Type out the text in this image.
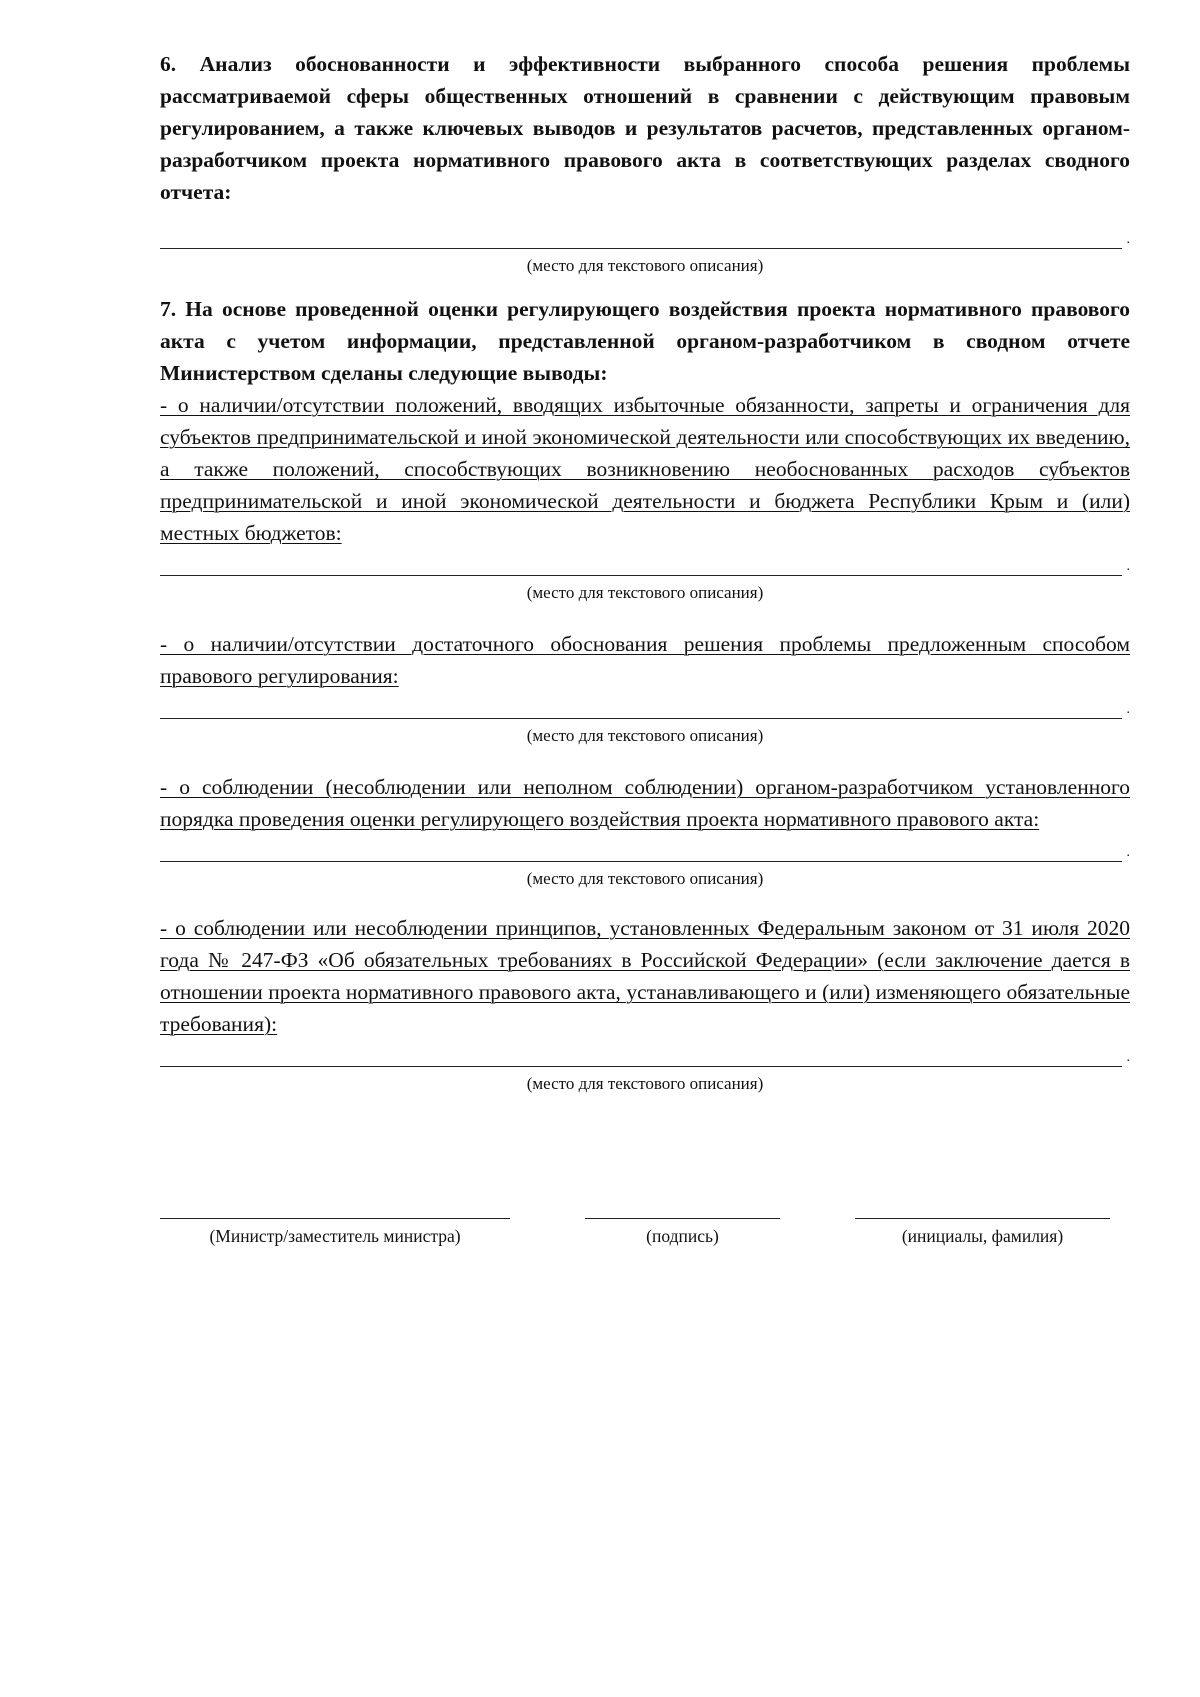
6. Анализ обоснованности и эффективности выбранного способа решения проблемы рассматриваемой сферы общественных отношений в сравнении с действующим правовым регулированием, а также ключевых выводов и результатов расчетов, представленных органом-разработчиком проекта нормативного правового акта в соответствующих разделах сводного отчета:

.
(место для текстового описания)

7. На основе проведенной оценки регулирующего воздействия проекта нормативного правового акта с учетом информации, представленной органом-разработчиком в сводном отчете Министерством сделаны следующие выводы:

- о наличии/отсутствии положений, вводящих избыточные обязанности, запреты и ограничения для субъектов предпринимательской и иной экономической деятельности или способствующих их введению, а также положений, способствующих возникновению необоснованных расходов субъектов предпринимательской и иной экономической деятельности и бюджета Республики Крым и (или) местных бюджетов:

.
(место для текстового описания)

- о наличии/отсутствии достаточного обоснования решения проблемы предложенным способом правового регулирования:

.
(место для текстового описания)

- о соблюдении (несоблюдении или неполном соблюдении) органом-разработчиком установленного порядка проведения оценки регулирующего воздействия проекта нормативного правового акта:

.
(место для текстового описания)

- о соблюдении или несоблюдении принципов, установленных Федеральным законом от 31 июля 2020 года № 247-ФЗ «Об обязательных требованиях в Российской Федерации» (если заключение дается в отношении проекта нормативного правового акта, устанавливающего и (или) изменяющего обязательные требования):

.
(место для текстового описания)
(Министр/заместитель министра)	(подпись)	(инициалы, фамилия)
